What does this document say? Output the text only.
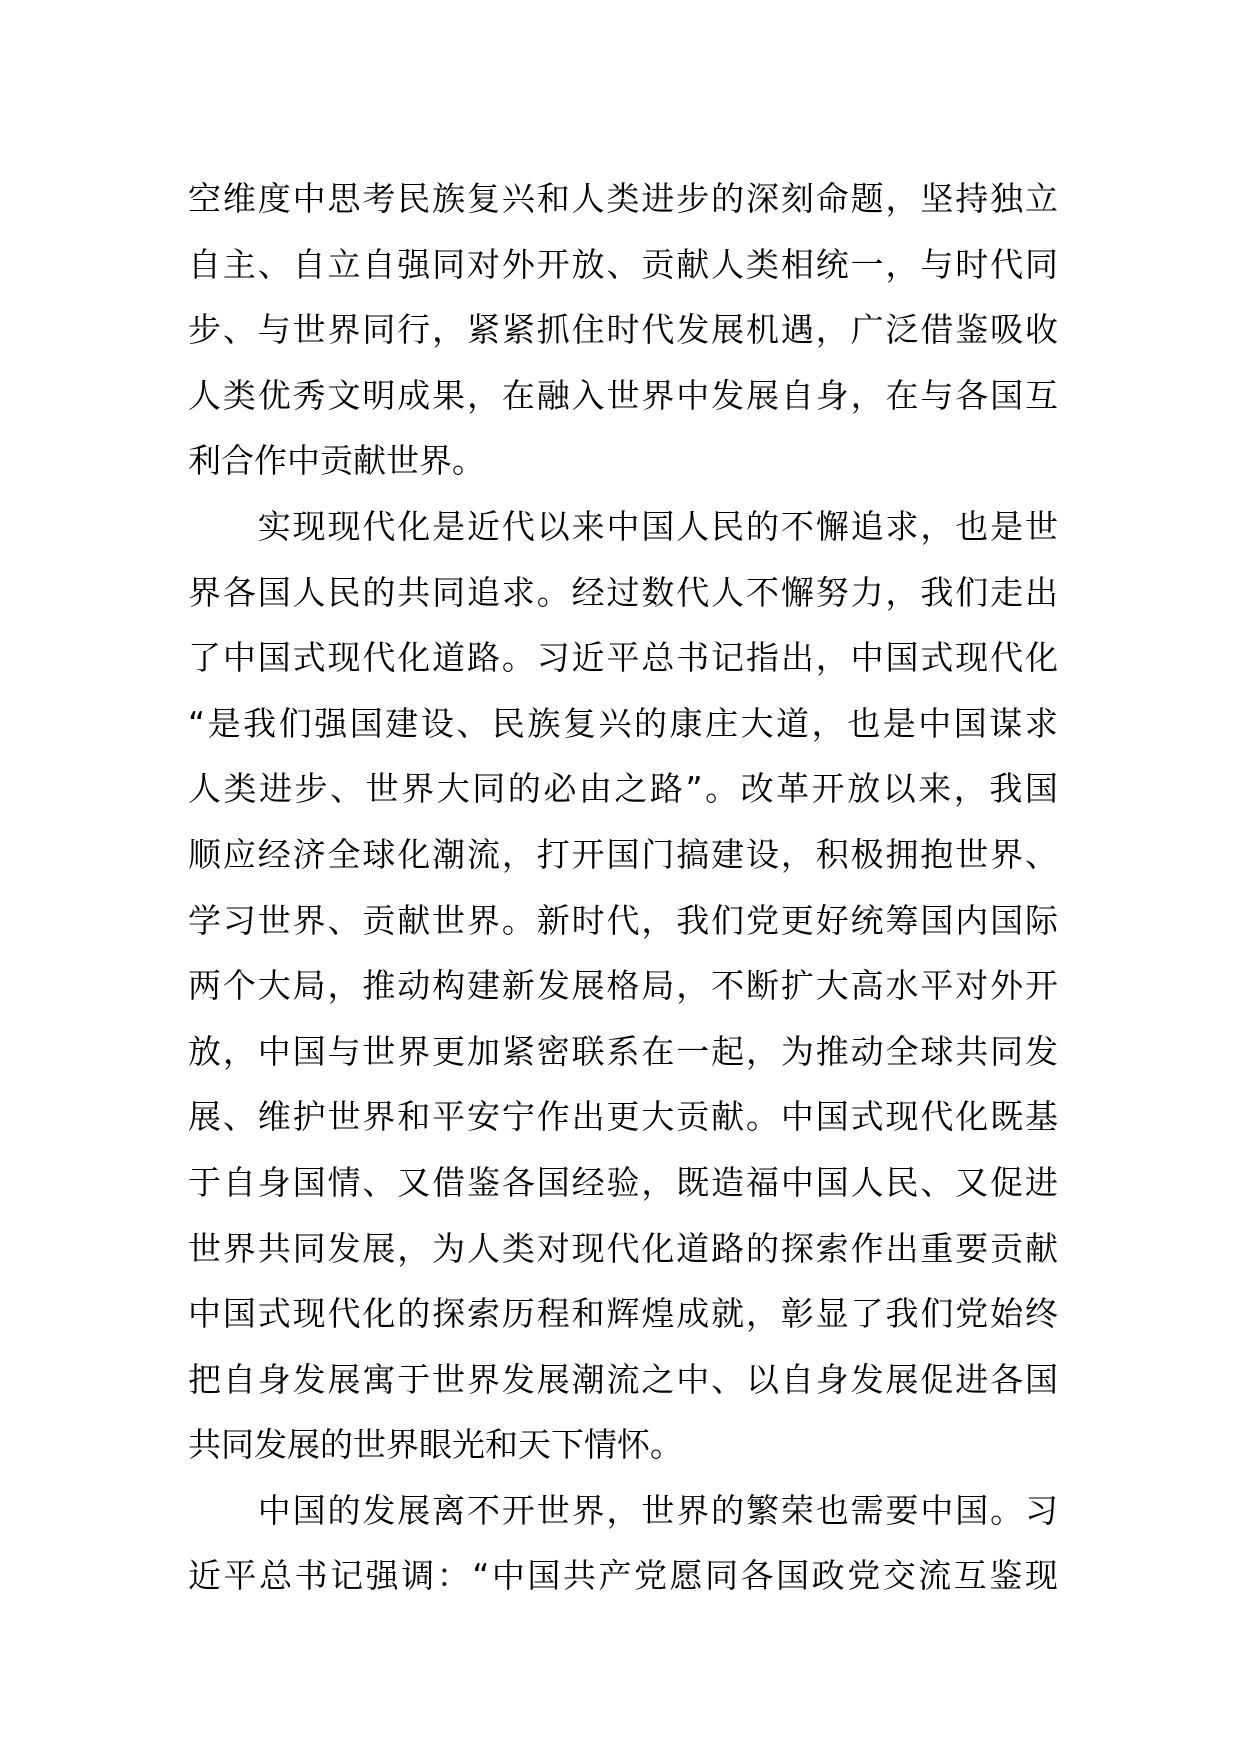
空 维 度 中 思 考 民 族 复 兴 和 人 类 进 步 的 深 刻 命 题 ， 坚 持 独 立
自 主 、 自 立 自 强 同 对 外 开 放 、 贡 献 人 类 相 统 一 ， 与 时 代 同
步 、 与 世 界 同 行 ， 紧 紧 抓 住 时 代 发 展 机 遇 ， 广 泛 借 鉴 吸 收
人 类 优 秀 文 明 成 果 ， 在 融 入 世 界 中 发 展 自 身 ， 在 与 各 国 互
利合作中贡献世界。

实 现 现 代 化 是 近 代 以 来 中 国 人 民 的 不 懈 追 求 ， 也 是 世
界 各 国 人 民 的 共 同 追 求 。 经 过 数 代 人 不 懈 努 力 ， 我 们 走 出
了 中 国 式 现 代 化 道 路 。 习 近 平 总 书 记 指 出 ， 中 国 式 现 代 化
“ 是 我 们 强 国 建 设 、 民 族 复 兴 的 康 庄 大 道 ， 也 是 中 国 谋 求
人 类 进 步 、 世 界 大 同 的 必 由 之 路 ” 。 改 革 开 放 以 来 ， 我 国
顺 应 经 济 全 球 化 潮 流 ， 打 开 国 门 搞 建 设 ， 积 极 拥 抱 世 界 、
学 习 世 界 、 贡 献 世 界 。 新 时 代 ， 我 们 党 更 好 统 筹 国 内 国 际
两 个 大 局 ， 推 动 构 建 新 发 展 格 局 ， 不 断 扩 大 高 水 平 对 外 开
放 ， 中 国 与 世 界 更 加 紧 密 联 系 在 一 起 ， 为 推 动 全 球 共 同 发
展 、 维 护 世 界 和 平 安 宁 作 出 更 大 贡 献 。 中 国 式 现 代 化 既 基
于 自 身 国 情 、 又 借 鉴 各 国 经 验 ， 既 造 福 中 国 人 民 、 又 促 进
世 界 共 同 发 展 ， 为 人 类 对 现 代 化 道 路 的 探 索 作 出 重 要 贡 献
中 国 式 现 代 化 的 探 索 历 程 和 辉 煌 成 就 ， 彰 显 了 我 们 党 始 终
把 自 身 发 展 寓 于 世 界 发 展 潮 流 之 中 、 以 自 身 发 展 促 进 各 国
共同发展的世界眼光和天下情怀。

中 国 的 发 展 离 不 开 世 界 ， 世 界 的 繁 荣 也 需 要 中 国 。 习
近 平 总 书 记 强 调 ： “ 中 国 共 产 党 愿 同 各 国 政 党 交 流 互 鉴 现
